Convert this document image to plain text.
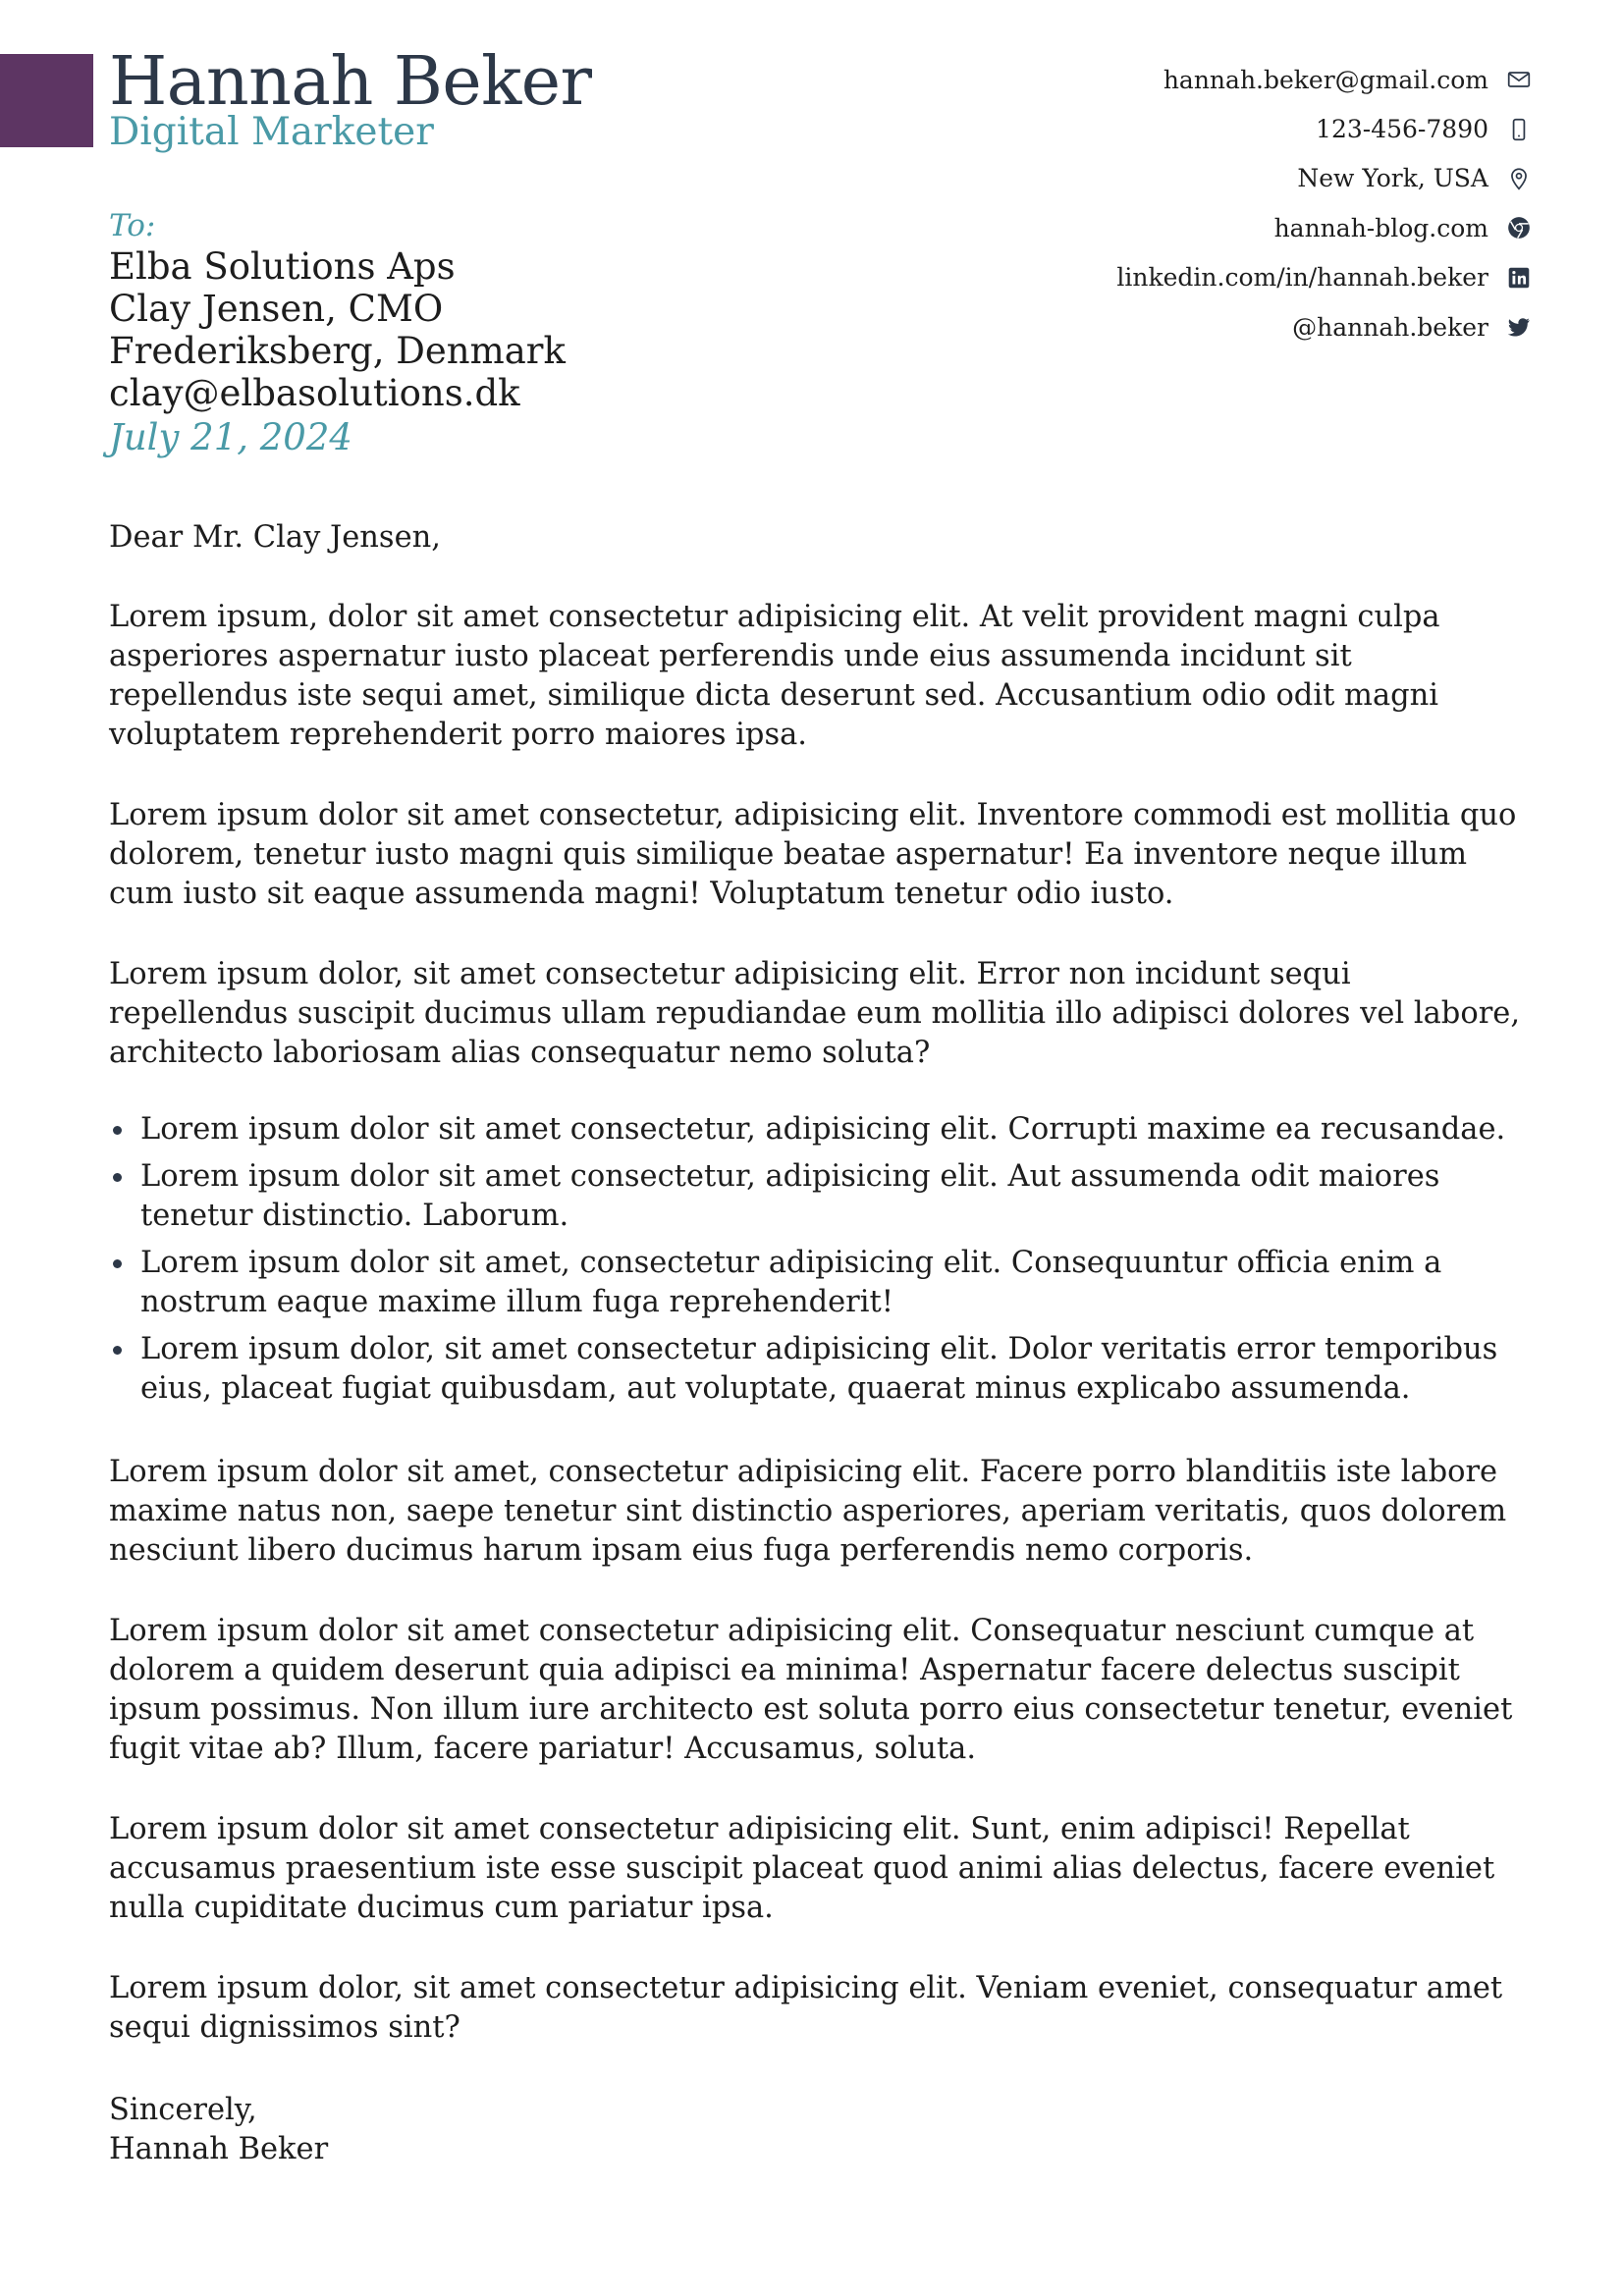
Hannah Beker
Digital Marketer
hannah.beker@gmail.com
123-456-7890
New York, USA
hannah-blog.com
linkedin.com/in/hannah.beker
@hannah.beker
To:
Elba Solutions Aps
Clay Jensen, CMO
Frederiksberg, Denmark
clay@elbasolutions.dk
July 21, 2024
Dear Mr. Clay Jensen,

Lorem ipsum, dolor sit amet consectetur adipisicing elit. At velit provident magni culpa asperiores aspernatur iusto placeat perferendis unde eius assumenda incidunt sit repellendus iste sequi amet, similique dicta deserunt sed. Accusantium odio odit magni voluptatem reprehenderit porro maiores ipsa.

Lorem ipsum dolor sit amet consectetur, adipisicing elit. Inventore commodi est mollitia quo dolorem, tenetur iusto magni quis similique beatae aspernatur! Ea inventore neque illum cum iusto sit eaque assumenda magni! Voluptatum tenetur odio iusto.

Lorem ipsum dolor, sit amet consectetur adipisicing elit. Error non incidunt sequi repellendus suscipit ducimus ullam repudiandae eum mollitia illo adipisci dolores vel labore, architecto laboriosam alias consequatur nemo soluta?

Lorem ipsum dolor sit amet consectetur, adipisicing elit. Corrupti maxime ea recusandae.
Lorem ipsum dolor sit amet consectetur, adipisicing elit. Aut assumenda odit maiores tenetur distinctio. Laborum.
Lorem ipsum dolor sit amet, consectetur adipisicing elit. Consequuntur officia enim a nostrum eaque maxime illum fuga reprehenderit!
Lorem ipsum dolor, sit amet consectetur adipisicing elit. Dolor veritatis error temporibus eius, placeat fugiat quibusdam, aut voluptate, quaerat minus explicabo assumenda.

Lorem ipsum dolor sit amet, consectetur adipisicing elit. Facere porro blanditiis iste labore maxime natus non, saepe tenetur sint distinctio asperiores, aperiam veritatis, quos dolorem nesciunt libero ducimus harum ipsam eius fuga perferendis nemo corporis.

Lorem ipsum dolor sit amet consectetur adipisicing elit. Consequatur nesciunt cumque at dolorem a quidem deserunt quia adipisci ea minima! Aspernatur facere delectus suscipit ipsum possimus. Non illum iure architecto est soluta porro eius consectetur tenetur, eveniet fugit vitae ab? Illum, facere pariatur! Accusamus, soluta.

Lorem ipsum dolor sit amet consectetur adipisicing elit. Sunt, enim adipisci! Repellat accusamus praesentium iste esse suscipit placeat quod animi alias delectus, facere eveniet nulla cupiditate ducimus cum pariatur ipsa.

Lorem ipsum dolor, sit amet consectetur adipisicing elit. Veniam eveniet, consequatur amet sequi dignissimos sint?

Sincerely,
Hannah Beker
